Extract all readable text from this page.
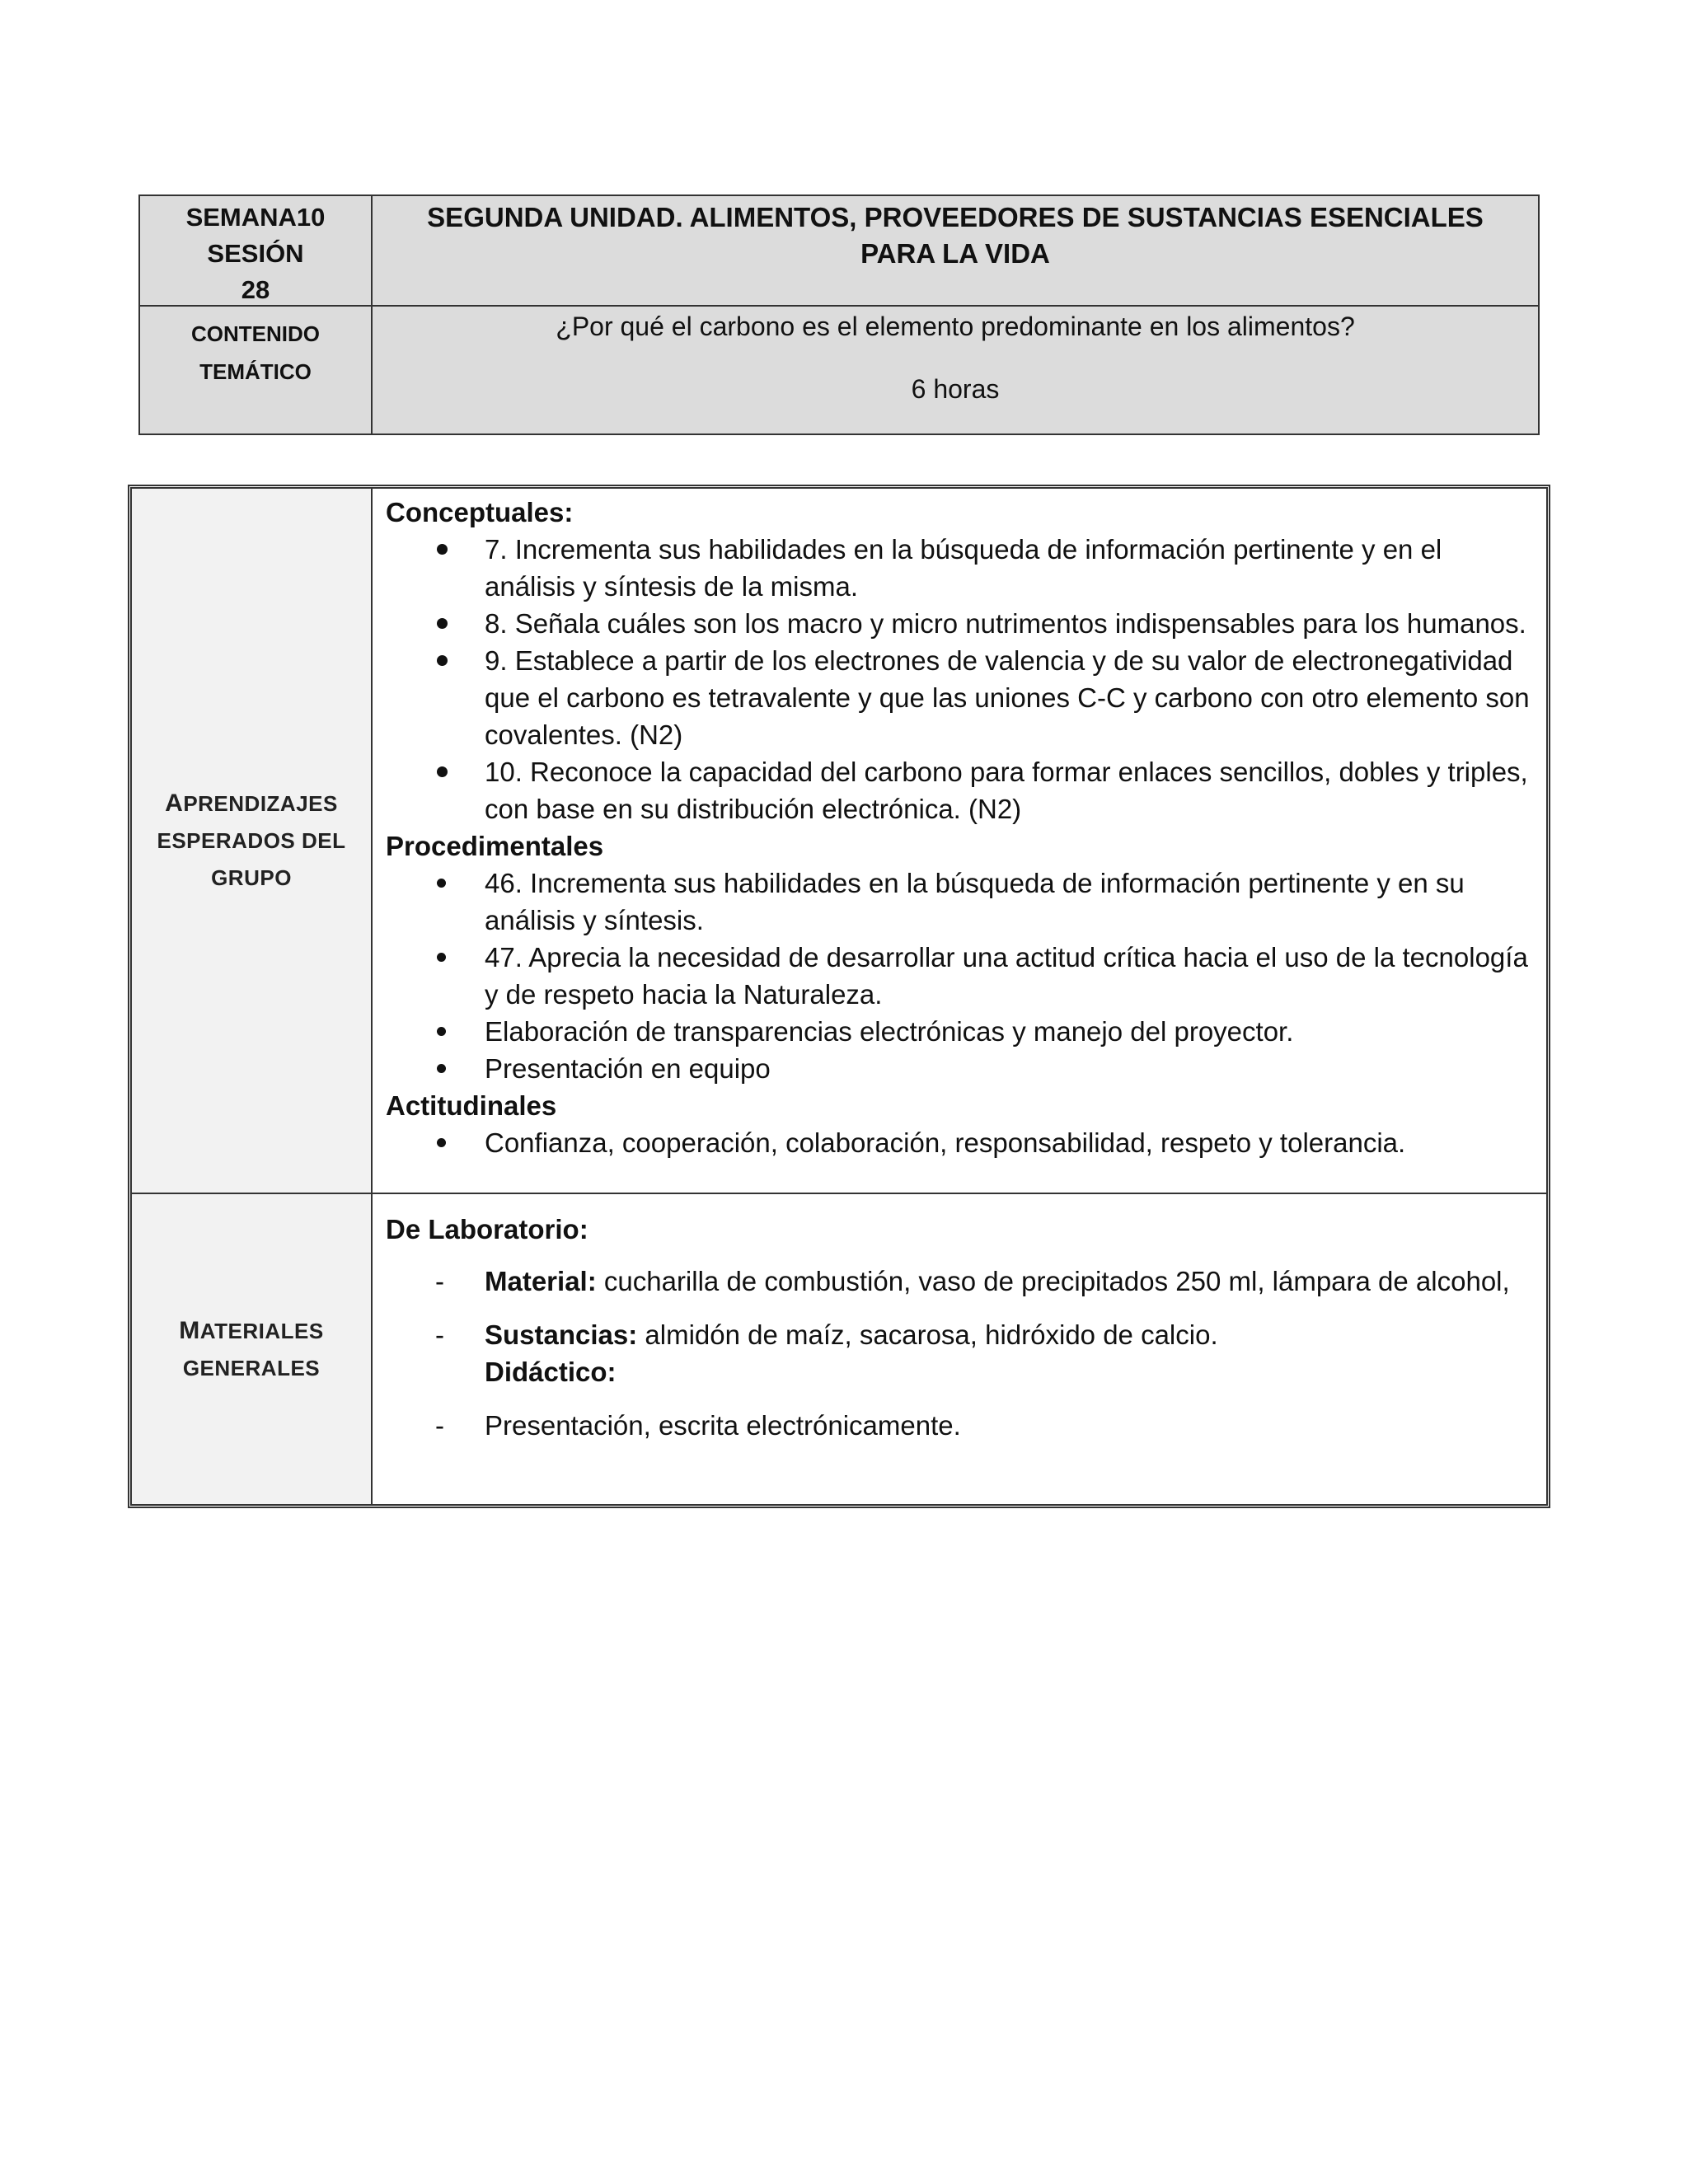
SEMANA10
SESIÓN
28
SEGUNDA UNIDAD. ALIMENTOS, PROVEEDORES DE SUSTANCIAS ESENCIALES PARA LA VIDA
CONTENIDO
TEMÁTICO
¿Por qué el carbono es el elemento predominante en los alimentos?
6 horas
APRENDIZAJES
ESPERADOS DEL
GRUPO
Conceptuales:
7. Incrementa sus habilidades en la búsqueda de información pertinente y en el análisis y síntesis de la misma.
8. Señala cuáles son los macro y micro nutrimentos indispensables para los humanos.
9. Establece a partir de los electrones de valencia y de su valor de electronegatividad que el carbono es tetravalente y que las uniones C-C y carbono con otro elemento son covalentes. (N2)
10. Reconoce la capacidad del carbono para formar enlaces sencillos, dobles y triples, con base en su distribución electrónica. (N2)
Procedimentales
46. Incrementa sus habilidades en la búsqueda de información pertinente y en su análisis y síntesis.
47. Aprecia la necesidad de desarrollar una actitud crítica hacia el uso de la tecnología y de respeto hacia la Naturaleza.
Elaboración de transparencias electrónicas y manejo del proyector.
Presentación en equipo
Actitudinales
Confianza, cooperación, colaboración, responsabilidad, respeto y tolerancia.
MATERIALES
GENERALES
De Laboratorio:
- Material: cucharilla de combustión, vaso de precipitados 250 ml, lámpara de alcohol,
- Sustancias: almidón de maíz, sacarosa, hidróxido de calcio.
Didáctico:
- Presentación, escrita electrónicamente.
